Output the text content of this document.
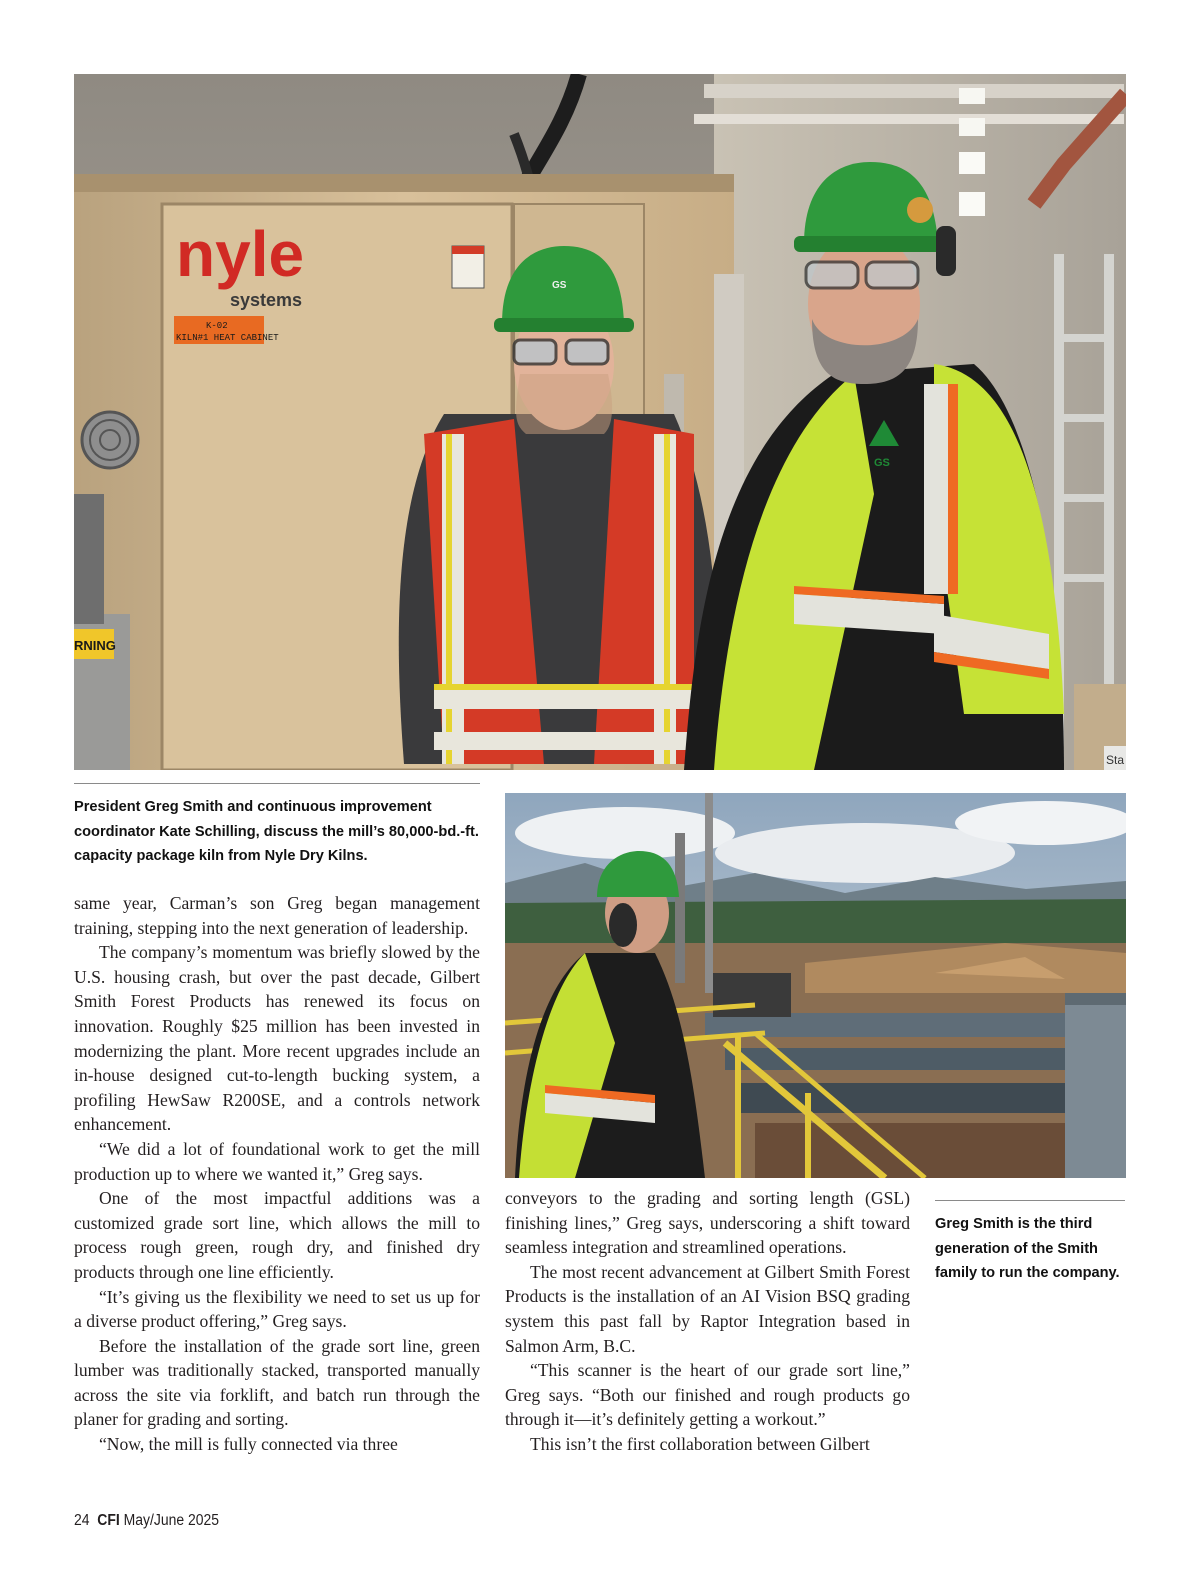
nyle
systems
K-02
KILN#1 HEAT CABINET
RNING
Sta
GS
GS
President Greg Smith and continuous improvement coordinator Kate Schilling, discuss the mill’s 80,000-bd.-ft. capacity package kiln from Nyle Dry Kilns.
Greg Smith is the third generation of the Smith family to run the company.

same year, Carman’s son Greg began management training, stepping into the next generation of leadership.

The company’s momentum was briefly slowed by the U.S. housing crash, but over the past decade, Gilbert Smith Forest Products has renewed its focus on innovation. Roughly $25 million has been invested in modernizing the plant. More recent upgrades include an in-house designed cut-to-length bucking system, a profiling HewSaw R200SE, and a controls network enhancement.

“We did a lot of foundational work to get the mill production up to where we wanted it,” Greg says.

One of the most impactful additions was a customized grade sort line, which allows the mill to process rough green, rough dry, and finished dry products through one line efficiently.

“It’s giving us the flexibility we need to set us up for a diverse product offering,” Greg says.

Before the installation of the grade sort line, green lumber was traditionally stacked, transported manually across the site via forklift, and batch run through the planer for grading and sorting.

“Now, the mill is fully connected via three

conveyors to the grading and sorting length (GSL) finishing lines,” Greg says, underscoring a shift toward seamless integration and streamlined operations.

The most recent advancement at Gilbert Smith Forest Products is the installation of an AI Vision BSQ grading system this past fall by Raptor Integration based in Salmon Arm, B.C.

“This scanner is the heart of our grade sort line,” Greg says. “Both our finished and rough products go through it—it’s definitely getting a workout.”

This isn’t the first collaboration between Gilbert

24 CFI May/June 2025
